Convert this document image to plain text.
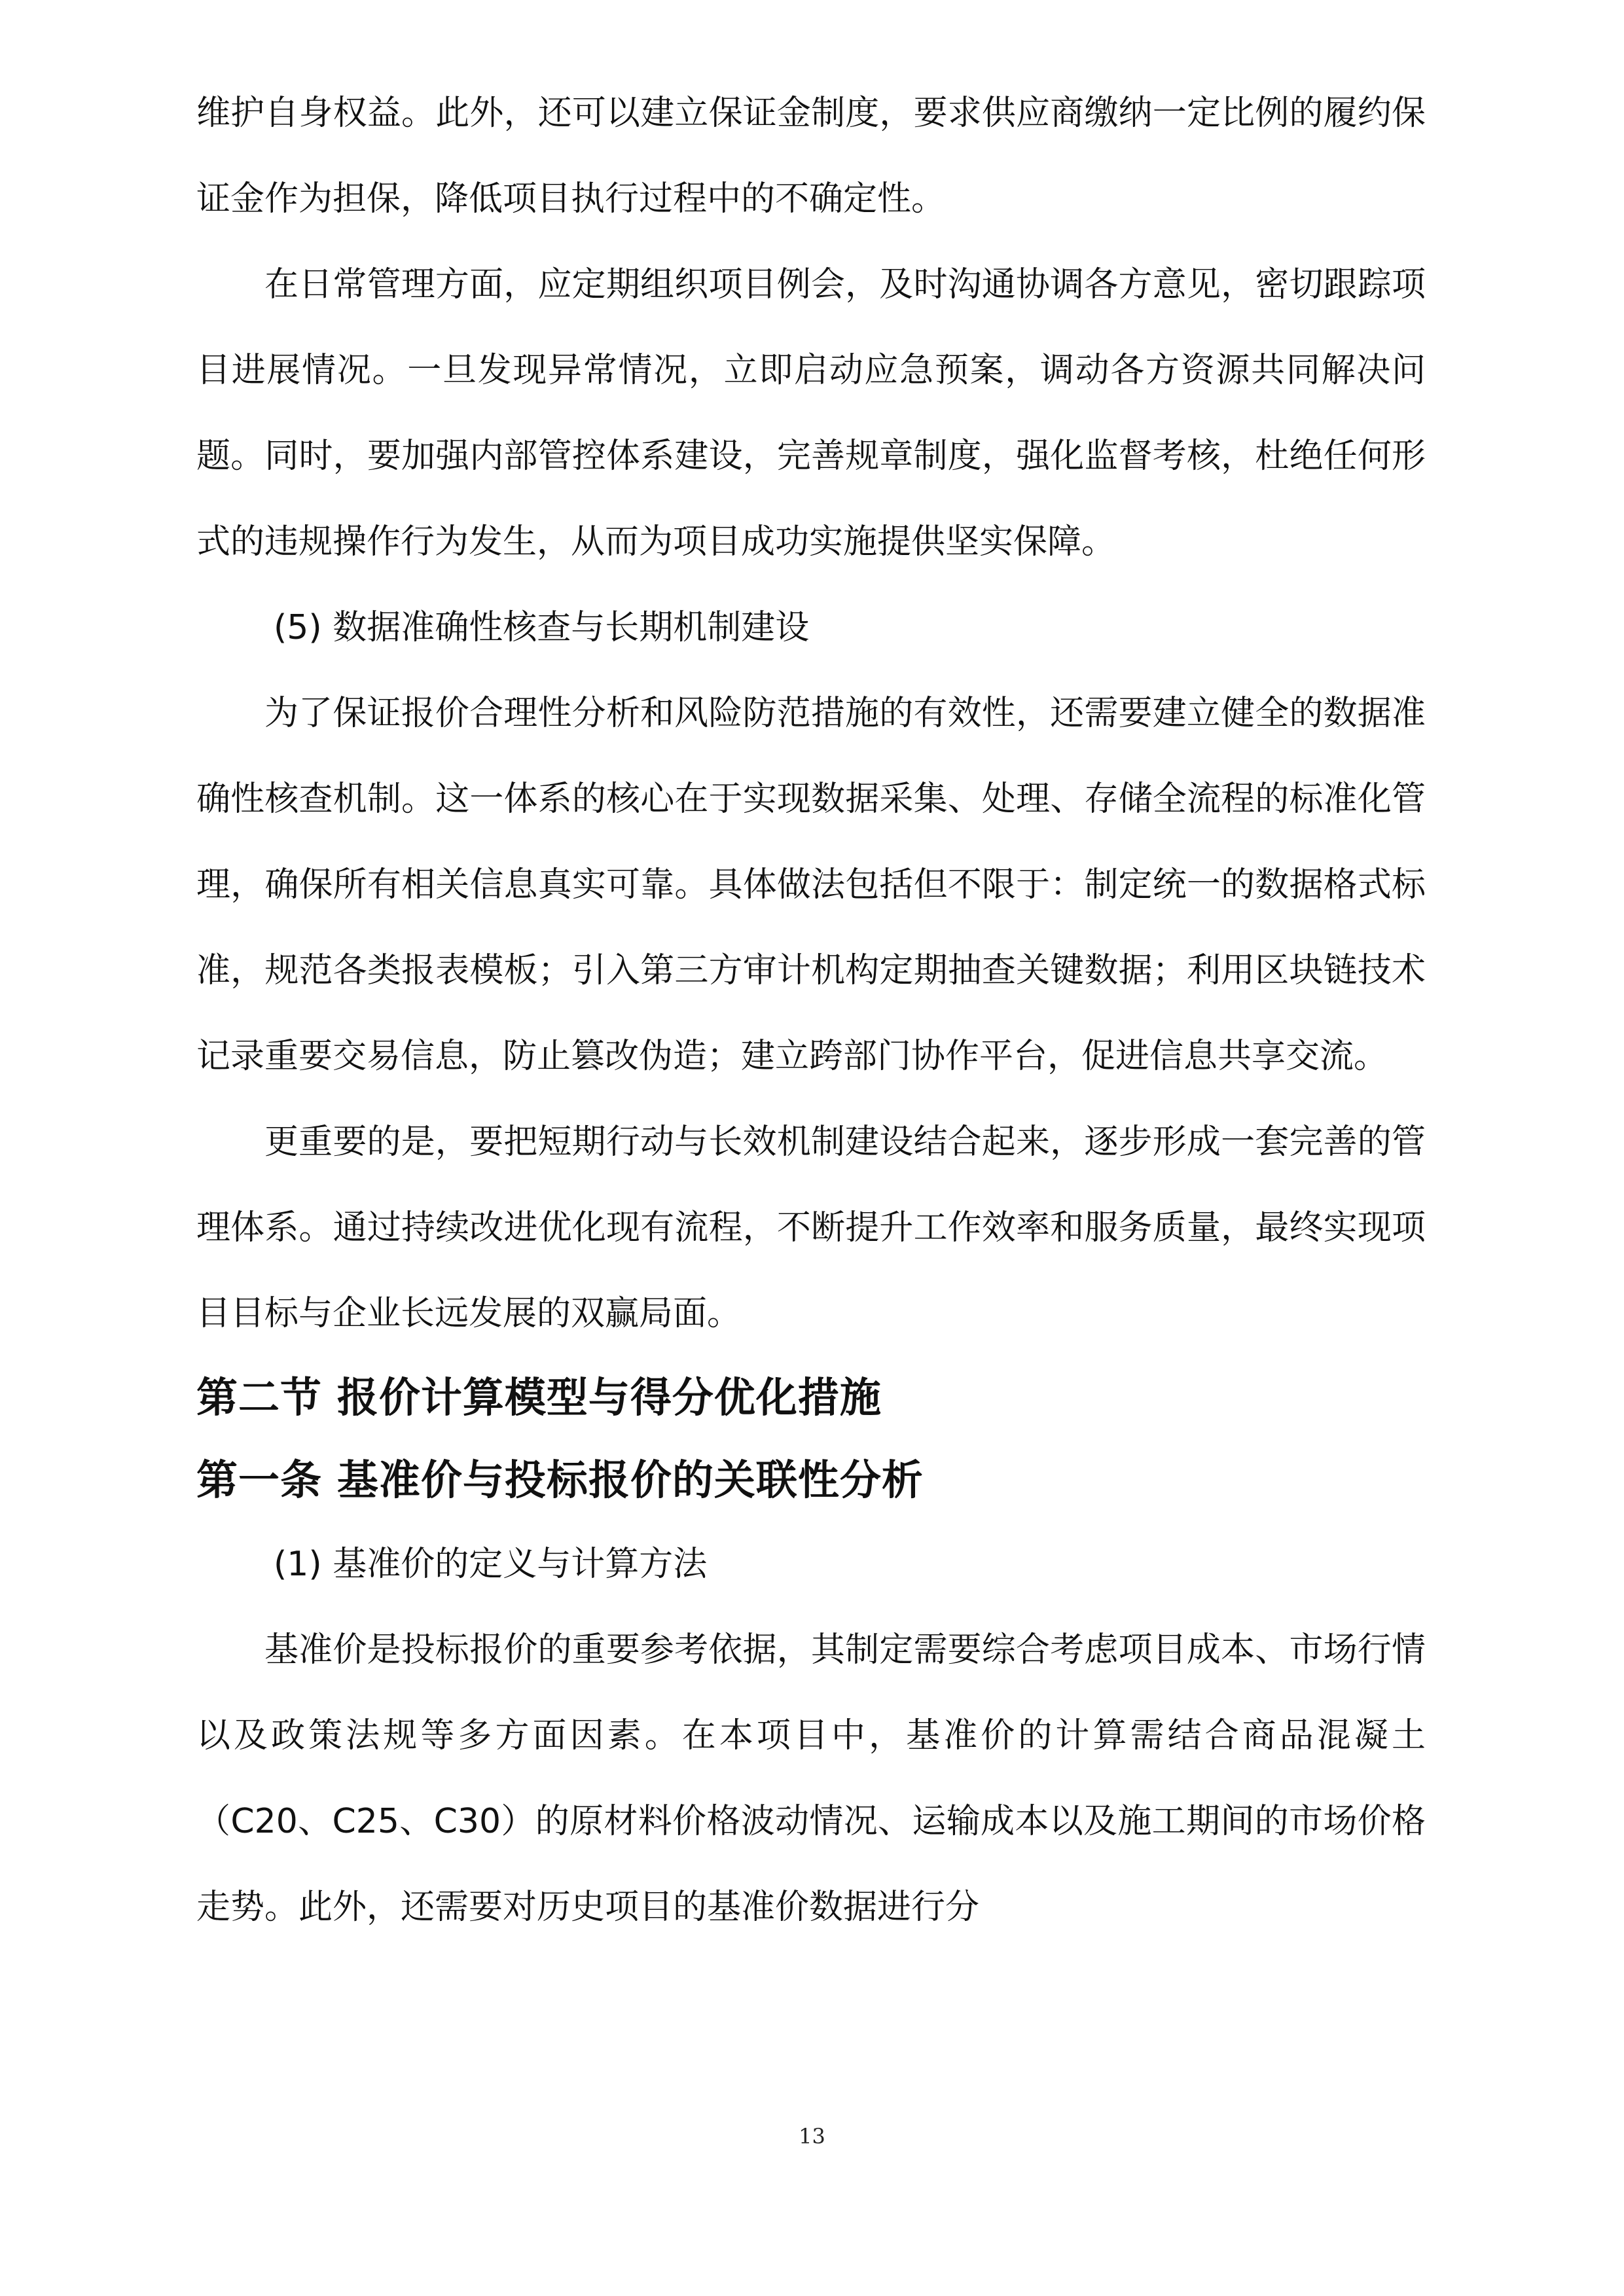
维护自身权益。此外，还可以建立保证金制度，要求供应商缴纳一定比例的履约保证金作为担保，降低项目执行过程中的不确定性。

在日常管理方面，应定期组织项目例会，及时沟通协调各方意见，密切跟踪项目进展情况。一旦发现异常情况，立即启动应急预案，调动各方资源共同解决问题。同时，要加强内部管控体系建设，完善规章制度，强化监督考核，杜绝任何形式的违规操作行为发生，从而为项目成功实施提供坚实保障。

(5) 数据准确性核查与长期机制建设

为了保证报价合理性分析和风险防范措施的有效性，还需要建立健全的数据准确性核查机制。这一体系的核心在于实现数据采集、处理、存储全流程的标准化管理，确保所有相关信息真实可靠。具体做法包括但不限于：制定统一的数据格式标准，规范各类报表模板；引入第三方审计机构定期抽查关键数据；利用区块链技术记录重要交易信息，防止篡改伪造；建立跨部门协作平台，促进信息共享交流。

更重要的是，要把短期行动与长效机制建设结合起来，逐步形成一套完善的管理体系。通过持续改进优化现有流程，不断提升工作效率和服务质量，最终实现项目目标与企业长远发展的双赢局面。

第二节 报价计算模型与得分优化措施

第一条 基准价与投标报价的关联性分析

(1) 基准价的定义与计算方法

基准价是投标报价的重要参考依据，其制定需要综合考虑项目成本、市场行情以及政策法规等多方面因素。在本项目中，基准价的计算需结合商品混凝土（C20、C25、C30）的原材料价格波动情况、运输成本以及施工期间的市场价格走势。此外，还需要对历史项目的基准价数据进行分

13
